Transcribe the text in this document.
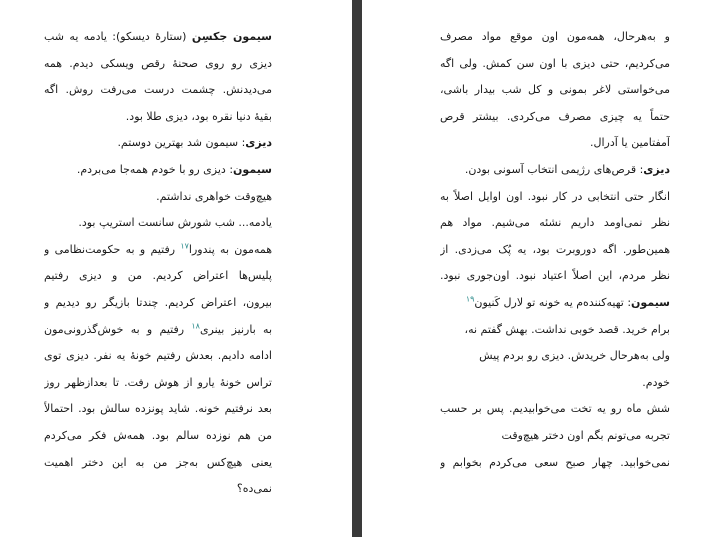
سیمون جکسِن (ستارهٔ دیسکو): یادمه یه شب
دیزی رو روی صحنهٔ رقص ویسکی دیدم. همه
می‌دیدنش. چشمت درست می‌رفت روش. اگه
بقیهٔ دنیا نقره بود، دیزی طلا بود.
دیزی: سیمون شد بهترین دوستم.
سیمون: دیزی رو با خودم همه‌جا می‌بردم.
هیچ‌وقت خواهری نداشتم.
یادمه... شب شورش سانست استریپ بود.
همه‌مون به پندورا$^{۱۷}$ رفتیم و به حکومت‌نظامی و
پلیس‌ها اعتراض کردیم. من و دیزی رفتیم
بیرون، اعتراض کردیم. چندتا بازیگر رو دیدیم و
به بارنیز بینری$^{۱۸}$ رفتیم و به خوش‌گذرونی‌مون
ادامه دادیم. بعدش رفتیم خونهٔ یه نفر. دیزی توی
تراس خونهٔ یارو از هوش رفت. تا بعدازظهر روز
بعد نرفتیم خونه. شاید پونزده سالش بود. احتمالاً
من هم نوزده سالم بود. همه‌ش فکر می‌کردم
یعنی هیچ‌کس به‌جز من به این دختر اهمیت
نمی‌ده؟
و به‌هرحال، همه‌مون اون موقع مواد مصرف
می‌کردیم، حتی دیزی با اون سن کمش. ولی اگه
می‌خواستی لاغر بمونی و کل شب بیدار باشی،
حتماً یه چیزی مصرف می‌کردی. بیشتر قرص
آمفتامین یا آدرال.
دیزی: قرص‌های رژیمی انتخاب آسونی بودن.
انگار حتی انتخابی در کار نبود. اون اوایل اصلاً به
نظر نمی‌اومد داریم نشئه می‌شیم. مواد هم
همین‌طور. اگه دوروبرت بود، یه پُک می‌زدی. از
نظر مردم، این اصلاً اعتیاد نبود. اون‌جوری نبود.
سیمون: تهیه‌کننده‌م یه خونه تو لارل کَنیون$^{۱۹}$
برام خرید. قصد خوبی نداشت. بهش گفتم نه،
ولی به‌هرحال خریدش. دیزی رو بردم پیش
خودم.
شش ماه رو یه تخت می‌خوابیدیم. پس بر حسب
تجربه می‌تونم بگم اون دختر هیچ‌وقت
نمی‌خوابید. چهار صبح سعی می‌کردم بخوابم و
